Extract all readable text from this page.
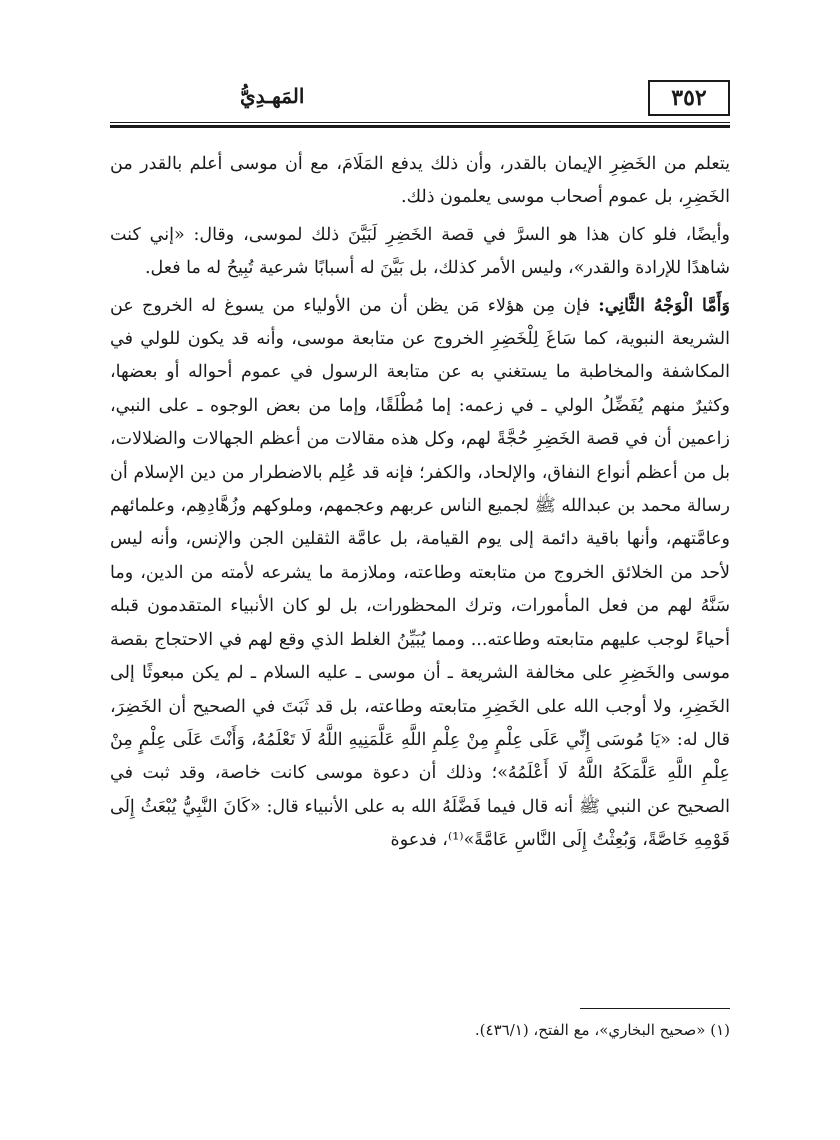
٣٥٢
المَهـدِيُّ

يتعلم من الخَضِرِ الإيمان بالقدر، وأن ذلك يدفع المَلَامَ، مع أن موسى أعلم بالقدر من الخَضِرِ، بل عموم أصحاب موسى يعلمون ذلك.

وأيضًا، فلو كان هذا هو السرَّ في قصة الخَضِرِ لَبَيَّنَ ذلك لموسى، وقال: «إني كنت شاهدًا للإرادة والقدر»، وليس الأمر كذلك، بل بَيَّنَ له أسبابًا شرعية تُبِيحُ له ما فعل.

وَأَمَّا الْوَجْهُ الثَّانِي: فإن مِن هؤلاء مَن يظن أن من الأولياء من يسوغ له الخروج عن الشريعة النبوية، كما سَاغَ لِلْخَضِرِ الخروج عن متابعة موسى، وأنه قد يكون للولي في المكاشفة والمخاطبة ما يستغني به عن متابعة الرسول في عموم أحواله أو بعضها، وكثيرٌ منهم يُفَضِّلُ الولي ـ في زعمه: إما مُطْلَقًا، وإما من بعض الوجوه ـ على النبي، زاعمين أن في قصة الخَضِرِ حُجَّةً لهم، وكل هذه مقالات من أعظم الجهالات والضلالات، بل من أعظم أنواع النفاق، والإلحاد، والكفر؛ فإنه قد عُلِم بالاضطرار من دين الإسلام أن رسالة محمد بن عبدالله ﷺ لجميع الناس عربهم وعجمهم، وملوكهم وزُهَّادِهِم، وعلمائهم وعامَّتهم، وأنها باقية دائمة إلى يوم القيامة، بل عامَّة الثقلين الجن والإنس، وأنه ليس لأحد من الخلائق الخروج من متابعته وطاعته، وملازمة ما يشرعه لأمته من الدين، وما سَنَّهُ لهم من فعل المأمورات، وترك المحظورات، بل لو كان الأنبياء المتقدمون قبله أحياءً لوجب عليهم متابعته وطاعته... ومما يُبَيِّنُ الغلط الذي وقع لهم في الاحتجاج بقصة موسى والخَضِرِ على مخالفة الشريعة ـ أن موسى ـ عليه السلام ـ لم يكن مبعوثًا إلى الخَضِرِ، ولا أوجب الله على الخَضِرِ متابعته وطاعته، بل قد ثَبَتَ في الصحيح أن الخَضِرَ، قال له: «يَا مُوسَى إِنِّي عَلَى عِلْمٍ مِنْ عِلْمِ اللَّهِ عَلَّمَنِيهِ اللَّهُ لَا تَعْلَمُهُ، وَأَنْتَ عَلَى عِلْمٍ مِنْ عِلْمِ اللَّهِ عَلَّمَكَهُ اللَّهُ لَا أَعْلَمُهُ»؛ وذلك أن دعوة موسى كانت خاصة، وقد ثبت في الصحيح عن النبي ﷺ أنه قال فيما فَضَّلَهُ الله به على الأنبياء قال: «كَانَ النَّبِيُّ يُبْعَثُ إِلَى قَوْمِهِ خَاصَّةً، وَبُعِثْتُ إِلَى النَّاسِ عَامَّةً»⁽¹⁾، فدعوة

(١) «صحيح البخاري»، مع الفتح، (٤٣٦/١).
